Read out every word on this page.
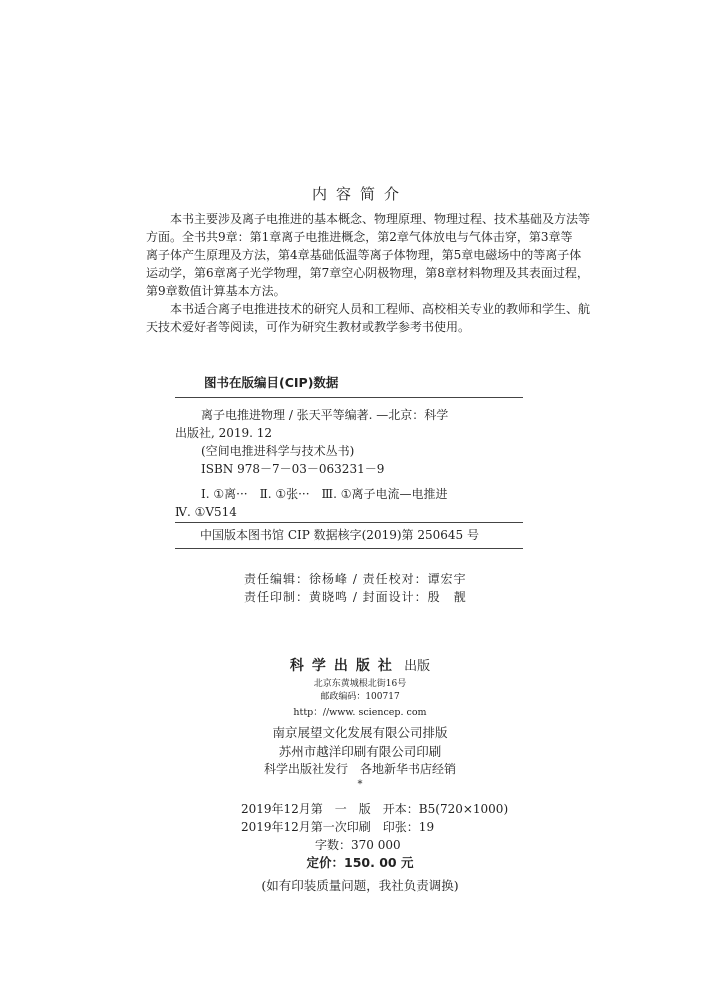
内容简介

本书主要涉及离子电推进的基本概念、物理原理、物理过程、技术基础及方法等
方面。全书共9章：第1章离子电推进概念，第2章气体放电与气体击穿，第3章等
离子体产生原理及方法，第4章基础低温等离子体物理，第5章电磁场中的等离子体
运动学，第6章离子光学物理，第7章空心阴极物理，第8章材料物理及其表面过程，
第9章数值计算基本方法。

本书适合离子电推进技术的研究人员和工程师、高校相关专业的教师和学生、航
天技术爱好者等阅读，可作为研究生教材或教学参考书使用。

图书在版编目(CIP)数据
离子电推进物理 / 张天平等编著. —北京：科学
出版社, 2019. 12
(空间电推进科学与技术丛书)
ISBN 978－7－03－063231－9
Ⅰ. ①离···　Ⅱ. ①张···　Ⅲ. ①离子电流—电推进
Ⅳ. ①V514
中国版本图书馆 CIP 数据核字(2019)第 250645 号
责任编辑：徐杨峰 / 责任校对：谭宏宇
责任印制：黄晓鸣 / 封面设计：殷　靓
科学出版社 出版
北京东黄城根北街16号
邮政编码：100717
http：//www. sciencep. com
南京展望文化发展有限公司排版
苏州市越洋印刷有限公司印刷
科学出版社发行　各地新华书店经销
*
2019年12月第　一　版　开本：B5(720×1000)
2019年12月第一次印刷　印张：19
字数：370 000
定价：150. 00 元
(如有印装质量问题，我社负责调换)
